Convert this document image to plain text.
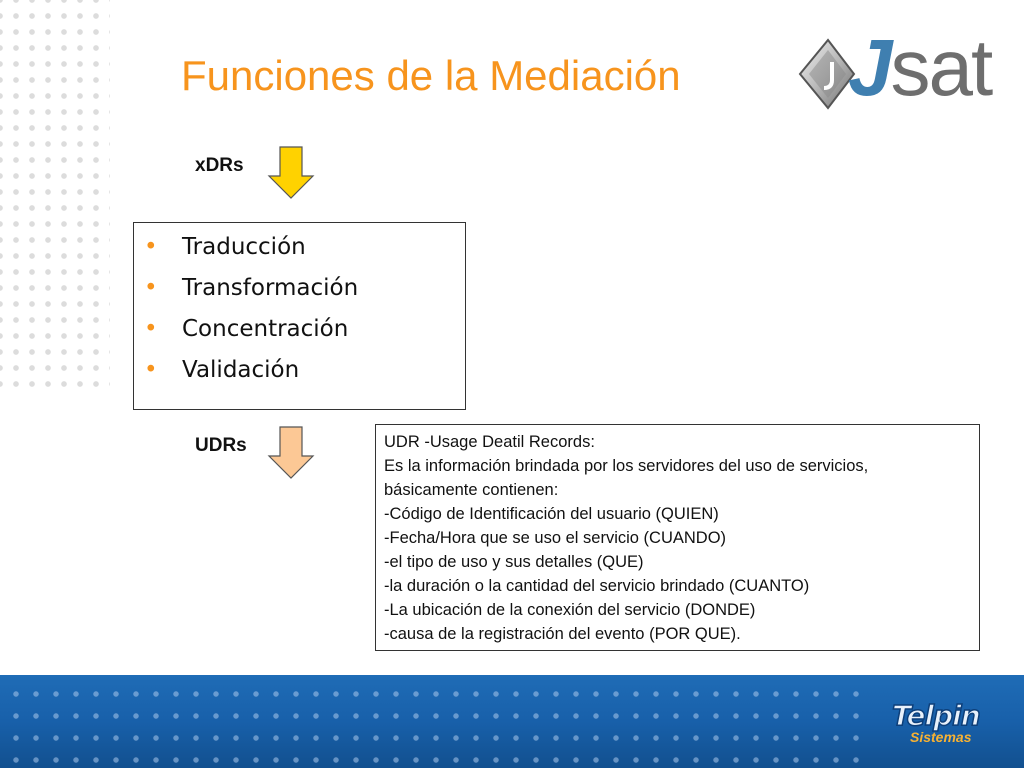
Funciones de la Mediación Jsat
xDRs
• Traducción
• Transformación
• Concentración
• Validación
UDRs	UDR -Usage Deatil Records:
Es la información brindada por los servidores del uso de servicios,
básicamente contienen:
-Código de Identificación del usuario (QUIEN)
-Fecha/Hora que se uso el servicio (CUANDO)
-el tipo de uso y sus detalles (QUE)
-la duración o la cantidad del servicio brindado (CUANTO)
-La ubicación de la conexión del servicio (DONDE)
-causa de la registración del evento (POR QUE).
Telpin
Sistemas
